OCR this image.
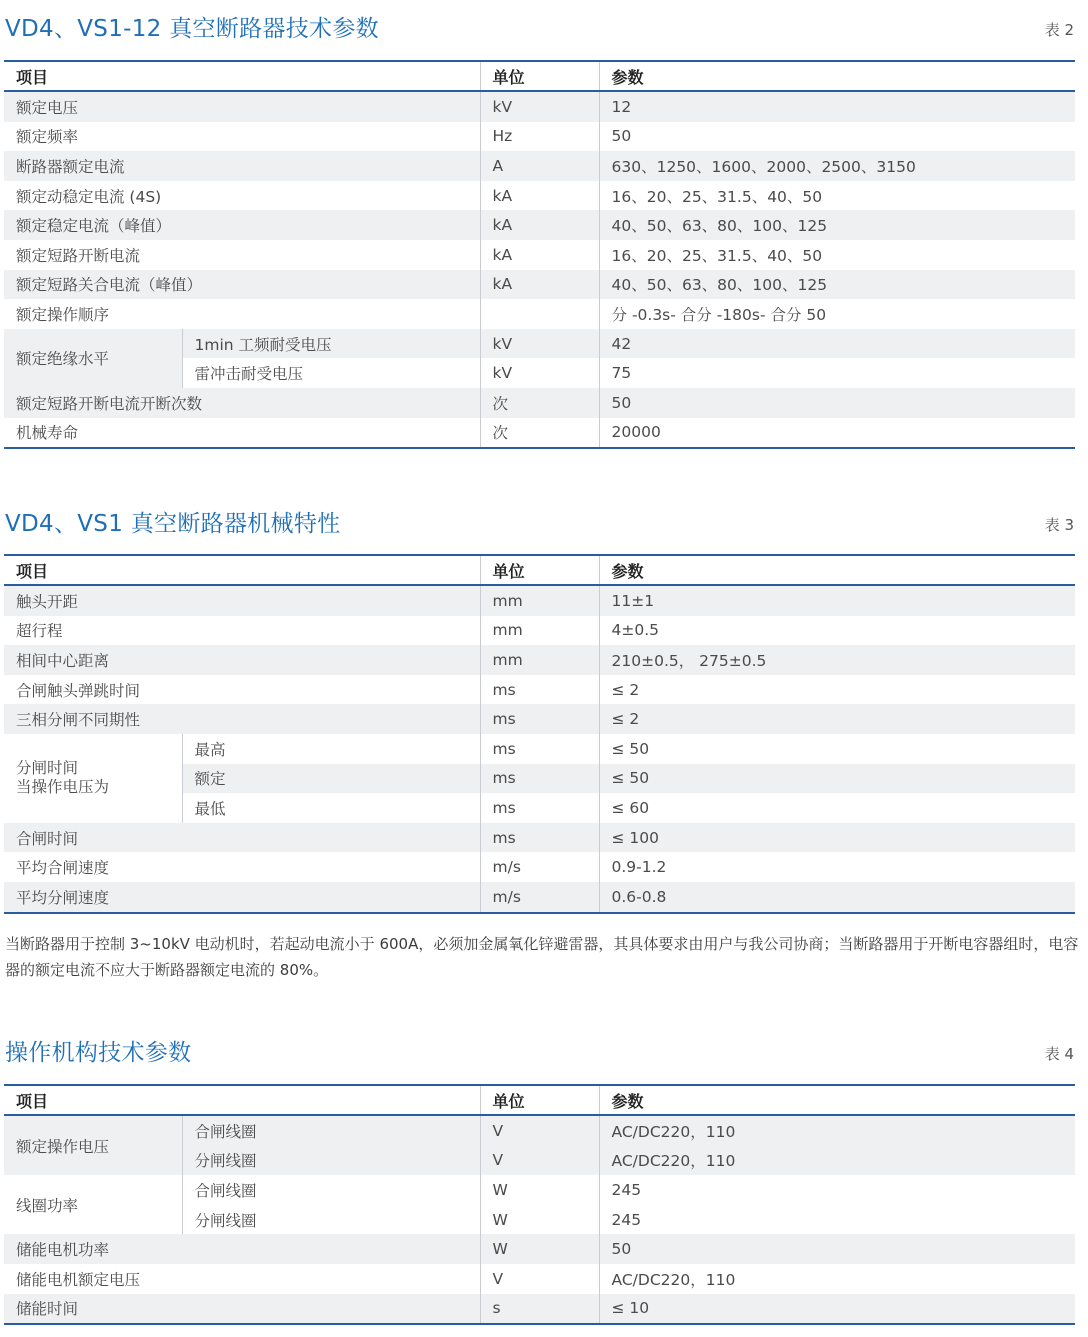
VD4、VS1-12 真空断路器技术参数	表 2
项目		单位	参数
额定电压		kV	12
额定频率		Hz	50
断路器额定电流		A	630、1250、1600、2000、2500、3150
额定动稳定电流 (4S)		kA	16、20、25、31.5、40、50
额定稳定电流（峰值）		kA	40、50、63、80、100、125
额定短路开断电流		kA	16、20、25、31.5、40、50
额定短路关合电流（峰值）		kA	40、50、63、80、100、125
额定操作顺序			分 -0.3s- 合分 -180s- 合分 50
额定绝缘水平	1min 工频耐受电压	kV	42
	雷冲击耐受电压	kV	75
额定短路开断电流开断次数		次	50
机械寿命		次	20000
VD4、VS1 真空断路器机械特性	表 3
项目		单位	参数
触头开距		mm	11±1
超行程		mm	4±0.5
相间中心距离		mm	210±0.5， 275±0.5
合闸触头弹跳时间		ms	≤ 2
三相分闸不同期性		ms	≤ 2

分闸时间
当操作电压为	最高	ms	≤ 50
	额定	ms	≤ 50
	最低	ms	≤ 60
合闸时间		ms	≤ 100
平均合闸速度		m/s	0.9-1.2
平均分闸速度		m/s	0.6-0.8

当断路器用于控制 3~10kV 电动机时，若起动电流小于 600A，必须加金属氧化锌避雷器，其具体要求由用户与我公司协商；当断路器用于开断电容器组时，电容器的额定电流不应大于断路器额定电流的 80%。

操作机构技术参数	表 4
项目		单位	参数
额定操作电压	合闸线圈	V	AC/DC220，110
	分闸线圈	V	AC/DC220，110
线圈功率	合闸线圈	W	245
	分闸线圈	W	245
储能电机功率		W	50
储能电机额定电压		V	AC/DC220，110
储能时间		s	≤ 10
